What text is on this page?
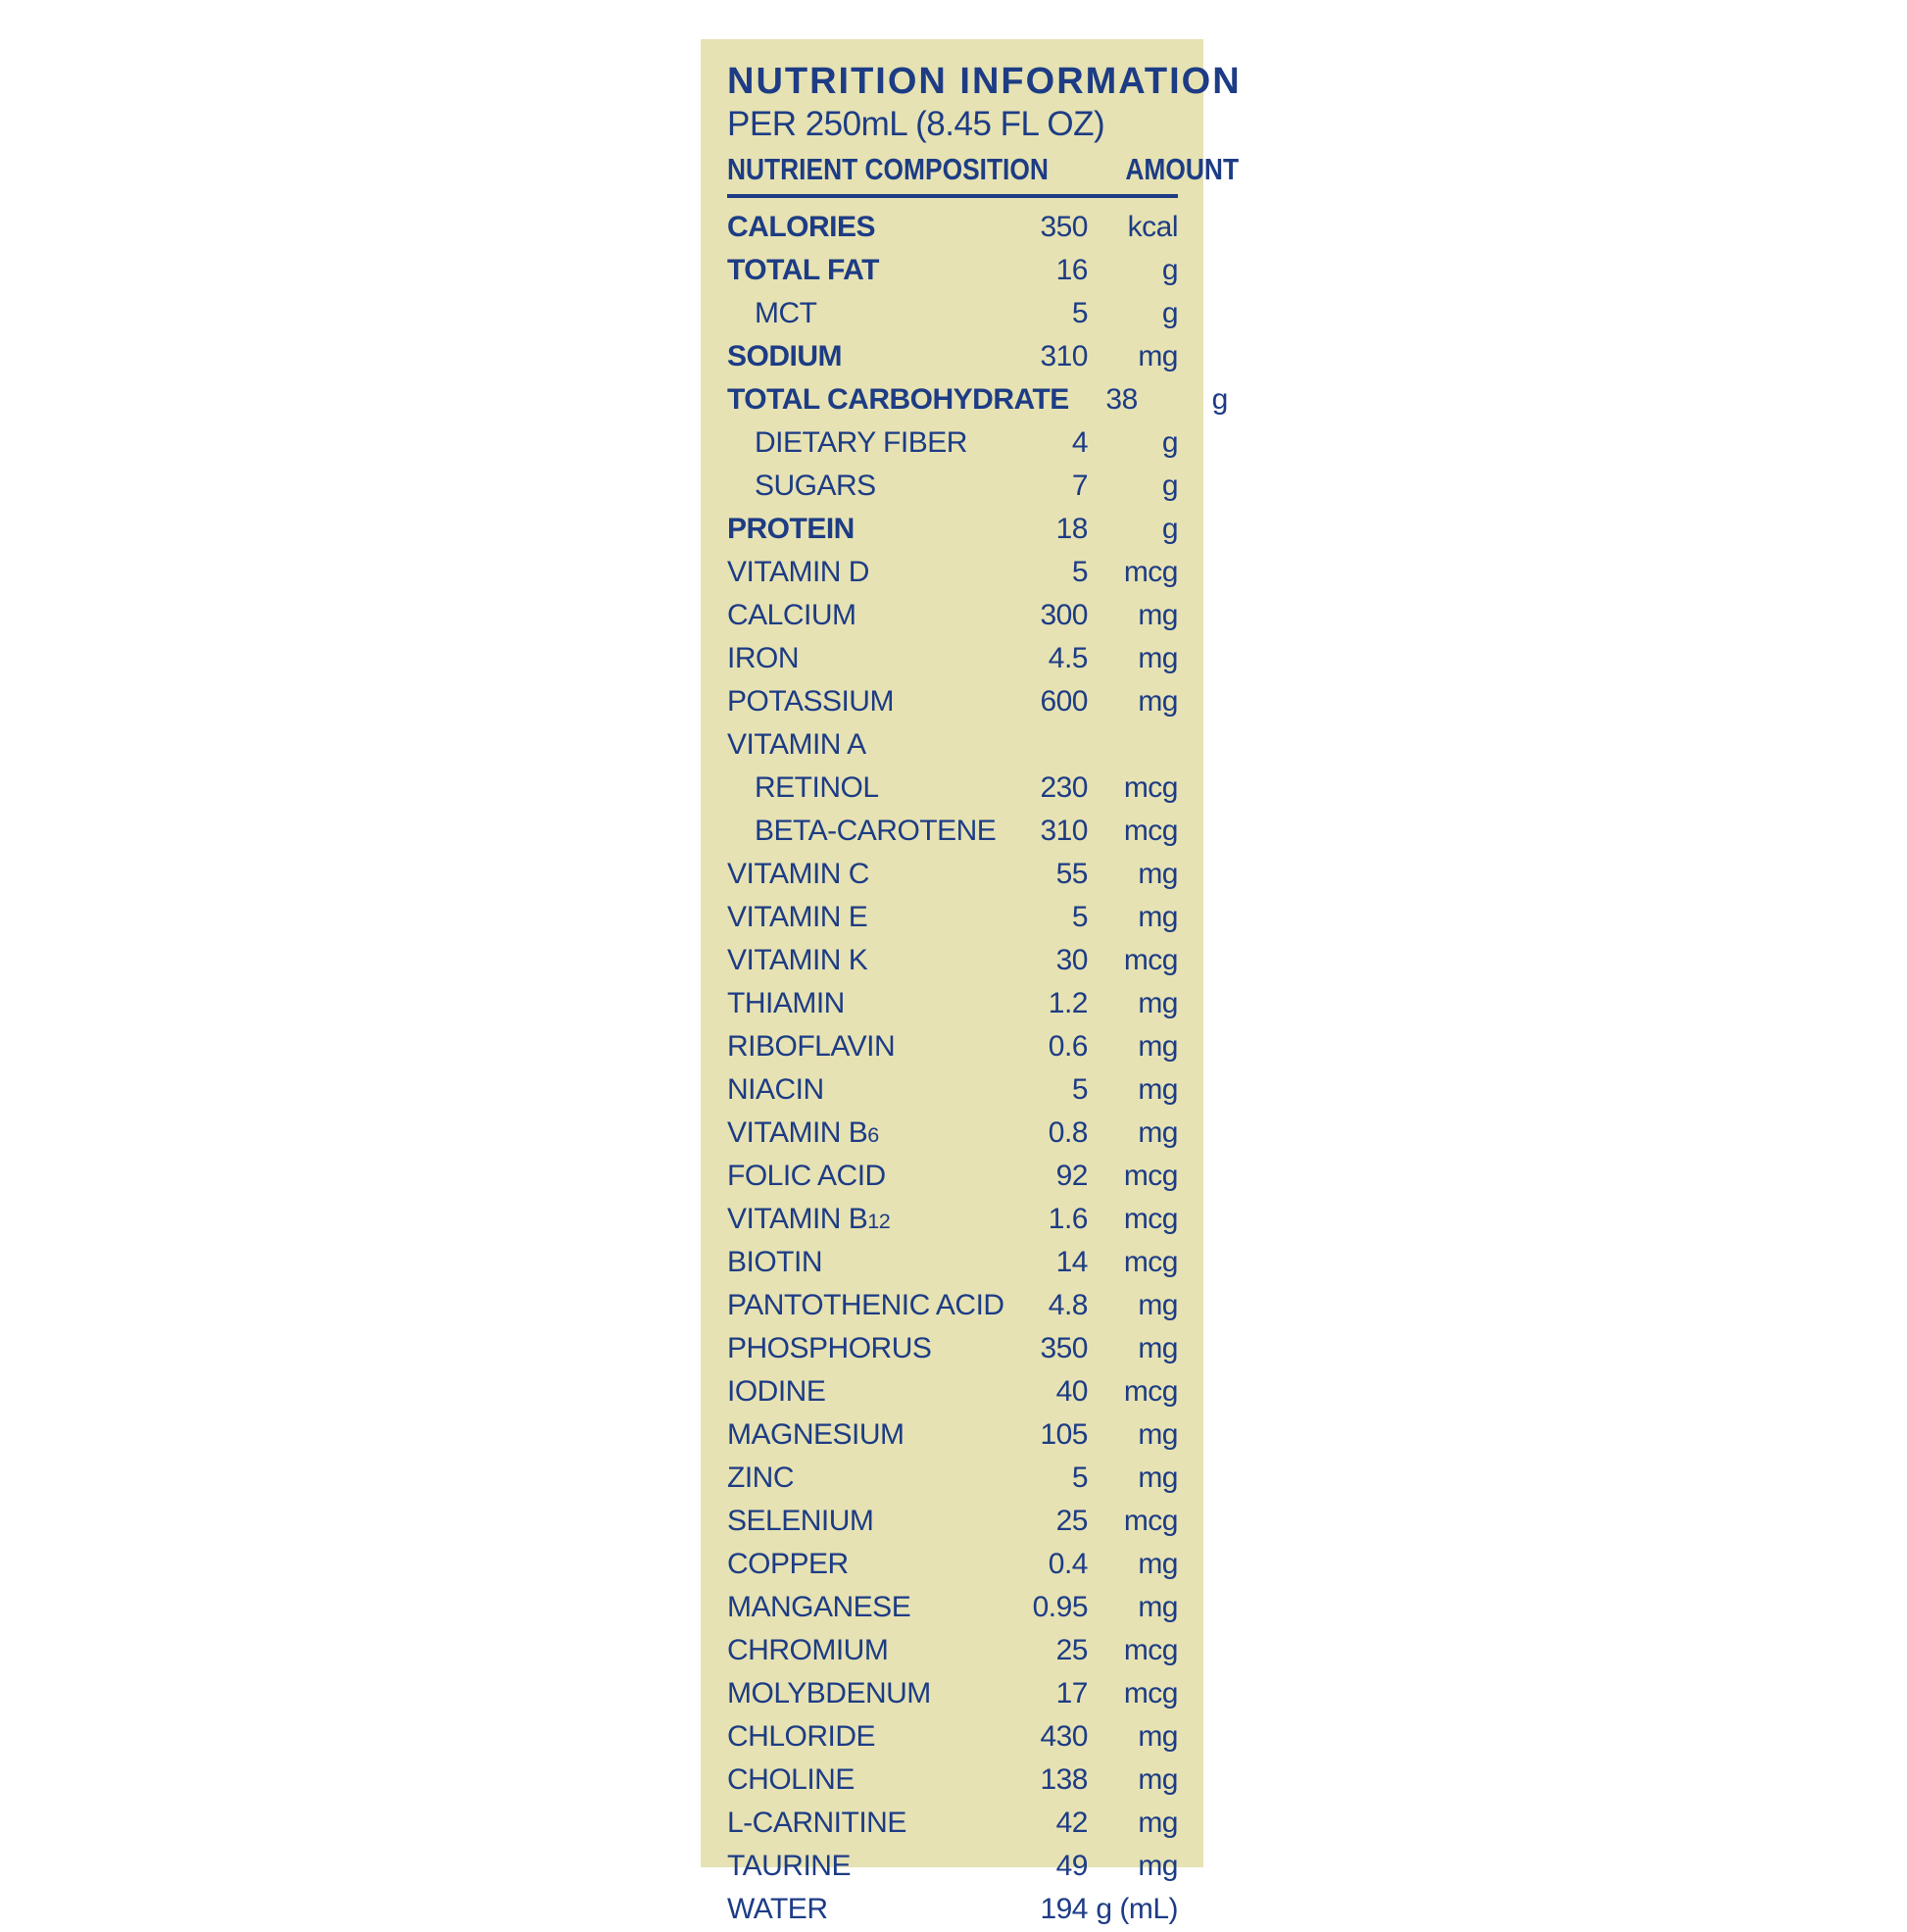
NUTRITION INFORMATION
PER 250mL (8.45 FL OZ)
NUTRIENT COMPOSITION	AMOUNT
CALORIES	350	kcal
TOTAL FAT	16	g
MCT	5	g
SODIUM	310	mg
TOTAL CARBOHYDRATE	38	g
DIETARY FIBER	4	g
SUGARS	7	g
PROTEIN	18	g
VITAMIN D	5	mcg
CALCIUM	300	mg
IRON	4.5	mg
POTASSIUM	600	mg
VITAMIN A
RETINOL	230	mcg
BETA-CAROTENE	310	mcg
VITAMIN C	55	mg
VITAMIN E	5	mg
VITAMIN K	30	mcg
THIAMIN	1.2	mg
RIBOFLAVIN	0.6	mg
NIACIN	5	mg
VITAMIN B6	0.8	mg
FOLIC ACID	92	mcg
VITAMIN B12	1.6	mcg
BIOTIN	14	mcg
PANTOTHENIC ACID	4.8	mg
PHOSPHORUS	350	mg
IODINE	40	mcg
MAGNESIUM	105	mg
ZINC	5	mg
SELENIUM	25	mcg
COPPER	0.4	mg
MANGANESE	0.95	mg
CHROMIUM	25	mcg
MOLYBDENUM	17	mcg
CHLORIDE	430	mg
CHOLINE	138	mg
L-CARNITINE	42	mg
TAURINE	49	mg
WATER	194 g (mL)
